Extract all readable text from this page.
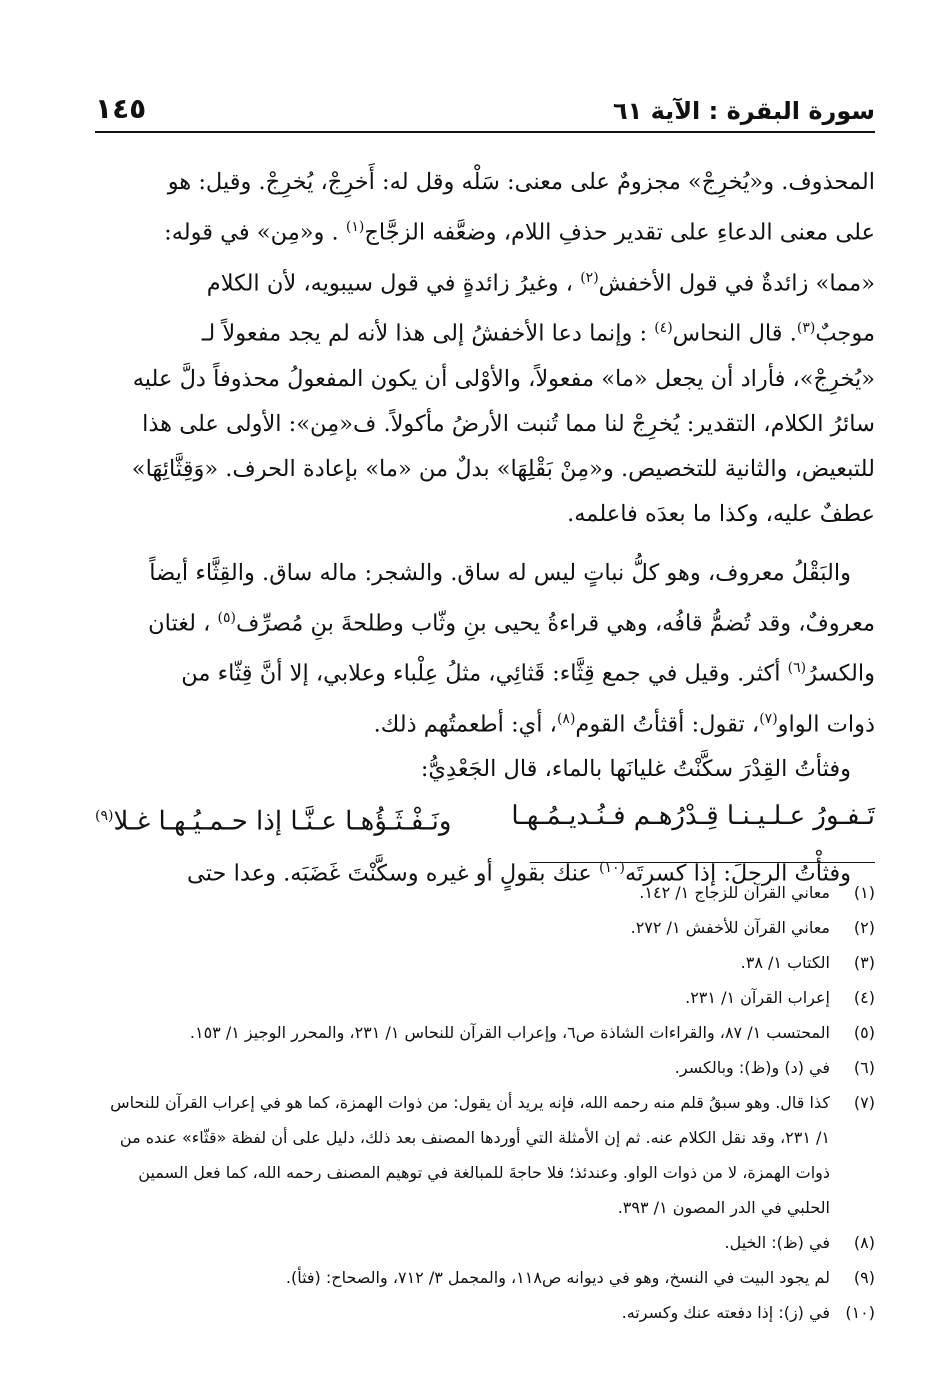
سورة البقرة : الآية ٦١
١٤٥

المحذوف. و«يُخرِجْ» مجزومٌ على معنى: سَلْه وقل له: أَخرِجْ، يُخرِجْ. وقيل: هو

على معنى الدعاءِ على تقدير حذفِ اللام، وضعَّفه الزجَّاج$^{(١)}$ . و«مِن» في قوله:

«مما» زائدةٌ في قول الأخفش$^{(٢)}$ ، وغيرُ زائدةٍ في قول سيبويه، لأن الكلام

موجبٌ$^{(٣)}$. قال النحاس$^{(٤)}$ : وإنما دعا الأخفشُ إلى هذا لأنه لم يجد مفعولاً لـ

«يُخرِجْ»، فأراد أن يجعل «ما» مفعولاً، والأوْلى أن يكون المفعولُ محذوفاً دلَّ عليه

سائرُ الكلام، التقدير: يُخرِجْ لنا مما تُنبت الأرضُ مأكولاً. ف«مِن»: الأولى على هذا

للتبعيض، والثانية للتخصيص. و«مِنْ بَقْلِهَا» بدلٌ من «ما» بإعادة الحرف. «وَقِثَّائِهَا»

عطفٌ عليه، وكذا ما بعدَه فاعلمه.

والبَقْلُ معروف، وهو كلُّ نباتٍ ليس له ساق. والشجر: ماله ساق. والقِثَّاء أيضاً

معروفٌ، وقد تُضمُّ قافُه، وهي قراءةُ يحيى بنِ وثّاب وطلحةَ بنِ مُصرِّف$^{(٥)}$ ، لغتان

والكسرُ$^{(٦)}$ أكثر. وقيل في جمع قِثَّاء: قَثائِي، مثلُ عِلْباء وعلابي، إلا أنَّ قِثّاء من

ذوات الواو$^{(٧)}$، تقول: أقثأتُ القوم$^{(٨)}$، أي: أطعمتُهم ذلك.

وفثأتُ القِدْرَ سكَّنْتُ غليانَها بالماء، قال الجَعْدِيُّ:

تَـفـورُ عـلـيـنـا قِـدْرُهـم فـنُـديـمُـهـا
ونَـفْـثَـؤُهـا عـنَّـا إذا حـمـيُـهـا غـلا$^{(٩)}$

وفثأْتُ الرجلَ: إذا كسرتَه$^{(١٠)}$ عنك بقولٍ أو غيره وسكَّنْتَ غَضَبَه. وعدا حتى

(١)
معاني القرآن للزجاج ١/ ١٤٢.

(٢)
معاني القرآن للأخفش ١/ ٢٧٢.

(٣)
الكتاب ١/ ٣٨.

(٤)
إعراب القرآن ١/ ٢٣١.

(٥)
المحتسب ١/ ٨٧، والقراءات الشاذة ص٦، وإعراب القرآن للنحاس ١/ ٢٣١، والمحرر الوجيز ١/ ١٥٣.

(٦)
في (د) و(ظ): وبالكسر.

(٧)
كذا قال. وهو سبقُ قلم منه رحمه الله، فإنه يريد أن يقول: من ذوات الهمزة، كما هو في إعراب القرآن للنحاس ١/ ٢٣١، وقد نقل الكلام عنه. ثم إن الأمثلة التي أوردها المصنف بعد ذلك، دليل على أن لفظة «قثّاء» عنده من ذوات الهمزة، لا من ذوات الواو. وعندئذ؛ فلا حاجةَ للمبالغة في توهيم المصنف رحمه الله، كما فعل السمين الحلبي في الدر المصون ١/ ٣٩٣.

(٨)
في (ظ): الخيل.

(٩)
لم يجود البيت في النسخ، وهو في ديوانه ص١١٨، والمجمل ٣/ ٧١٢، والصحاح: (فثأ).

(١٠)
في (ز): إذا دفعته عنك وكسرته.
